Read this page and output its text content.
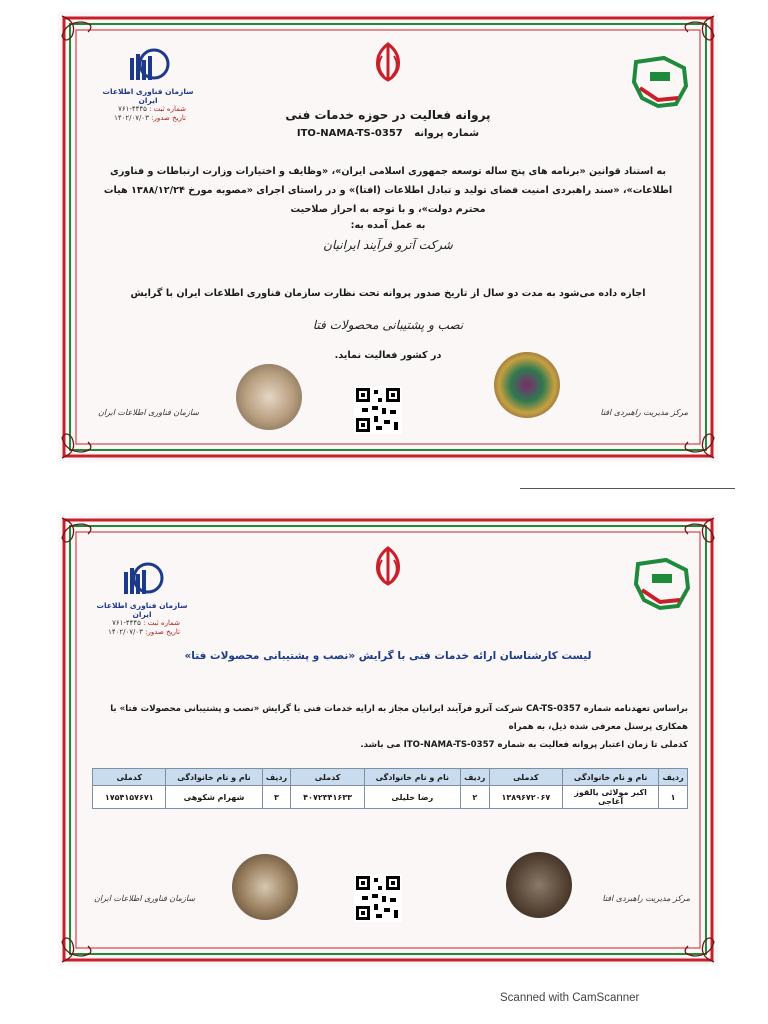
سازمان فناوری اطلاعات ایران
شماره ثبت : ۴۴۴۵-۷۶۱
تاریخ صدور: ۱۴۰۲/۰۷/۰۳	پروانه فعالیت در حوزه خدمات فنی
شماره پروانه ITO-NAMA-TS-0357
به استناد قوانین «برنامه های پنج ساله توسعه جمهوری اسلامی ایران»، «وظایف و اختیارات وزارت ارتباطات و فناوری اطلاعات»، «سند راهبردی امنیت فضای تولید و تبادل اطلاعات (افتا)» و در راستای اجرای «مصوبه مورخ ۱۳۸۸/۱۲/۲۴ هیات محترم دولت»، و با توجه به احراز صلاحیت
به عمل آمده به:
شرکت آترو فرآیند ایرانیان
اجازه داده می‌شود به مدت دو سال از تاریخ صدور پروانه تحت نظارت سازمان فناوری اطلاعات ایران با گرایش
نصب و پشتیبانی محصولات فتا
در کشور فعالیت نماید.
سازمان فناوری اطلاعات ایران	مرکز مدیریت راهبردی افتا
سازمان فناوری اطلاعات ایران
شماره ثبت : ۴۴۴۵-۷۶۱
تاریخ صدور: ۱۴۰۲/۰۷/۰۳
لیست کارشناسان ارائه خدمات فنی با گرایش «نصب و پشتیبانی محصولات فتا»
براساس تعهدنامه شماره CA-TS-0357 شرکت آترو فرآیند ایرانیان مجاز به ارایه خدمات فنی با گرایش «نصب و پشتیبانی محصولات فتا» با همکاری پرسنل معرفی شده ذیل، به همراه
کدملی تا زمان اعتبار پروانه فعالیت به شماره ITO-NAMA-TS-0357 می باشد.
ردیف	نام و نام خانوادگی	کدملی	ردیف	نام و نام خانوادگی	کدملی	ردیف	نام و نام خانوادگی	کدملی
۱	اکبر مولائی یالقوز آغاجی	۱۳۸۹۶۷۲۰۶۷	۲	رضا خلیلی	۴۰۷۲۳۴۱۶۳۳	۳	شهرام شکوهی	۱۷۵۴۱۵۷۶۷۱
سازمان فناوری اطلاعات ایران	مرکز مدیریت راهبردی افتا
Scanned with CamScanner
